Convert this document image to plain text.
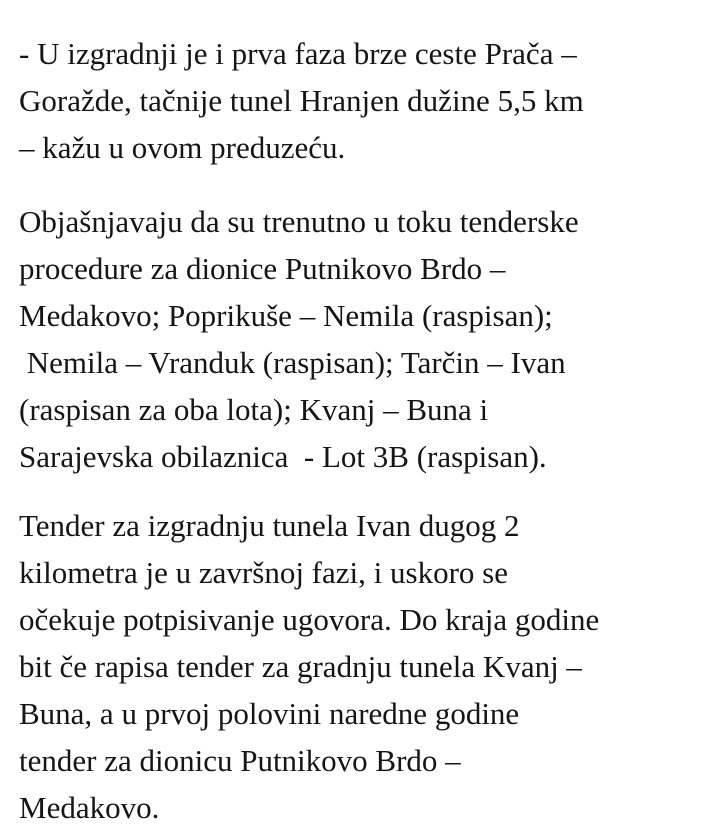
- U izgradnji je i prva faza brze ceste Prača –
Goražde, tačnije tunel Hranjen dužine 5,5 km
– kažu u ovom preduzeću.

Objašnjavaju da su trenutno u toku tenderske
procedure za dionice Putnikovo Brdo –
Medakovo; Poprikuše – Nemila (raspisan);
Nemila – Vranduk (raspisan); Tarčin – Ivan
(raspisan za oba lota); Kvanj – Buna i
Sarajevska obilaznica  - Lot 3B (raspisan).

Tender za izgradnju tunela Ivan dugog 2
kilometra je u završnoj fazi, i uskoro se
očekuje potpisivanje ugovora. Do kraja godine
bit če rapisa tender za gradnju tunela Kvanj –
Buna, a u prvoj polovini naredne godine
tender za dionicu Putnikovo Brdo –
Medakovo.
